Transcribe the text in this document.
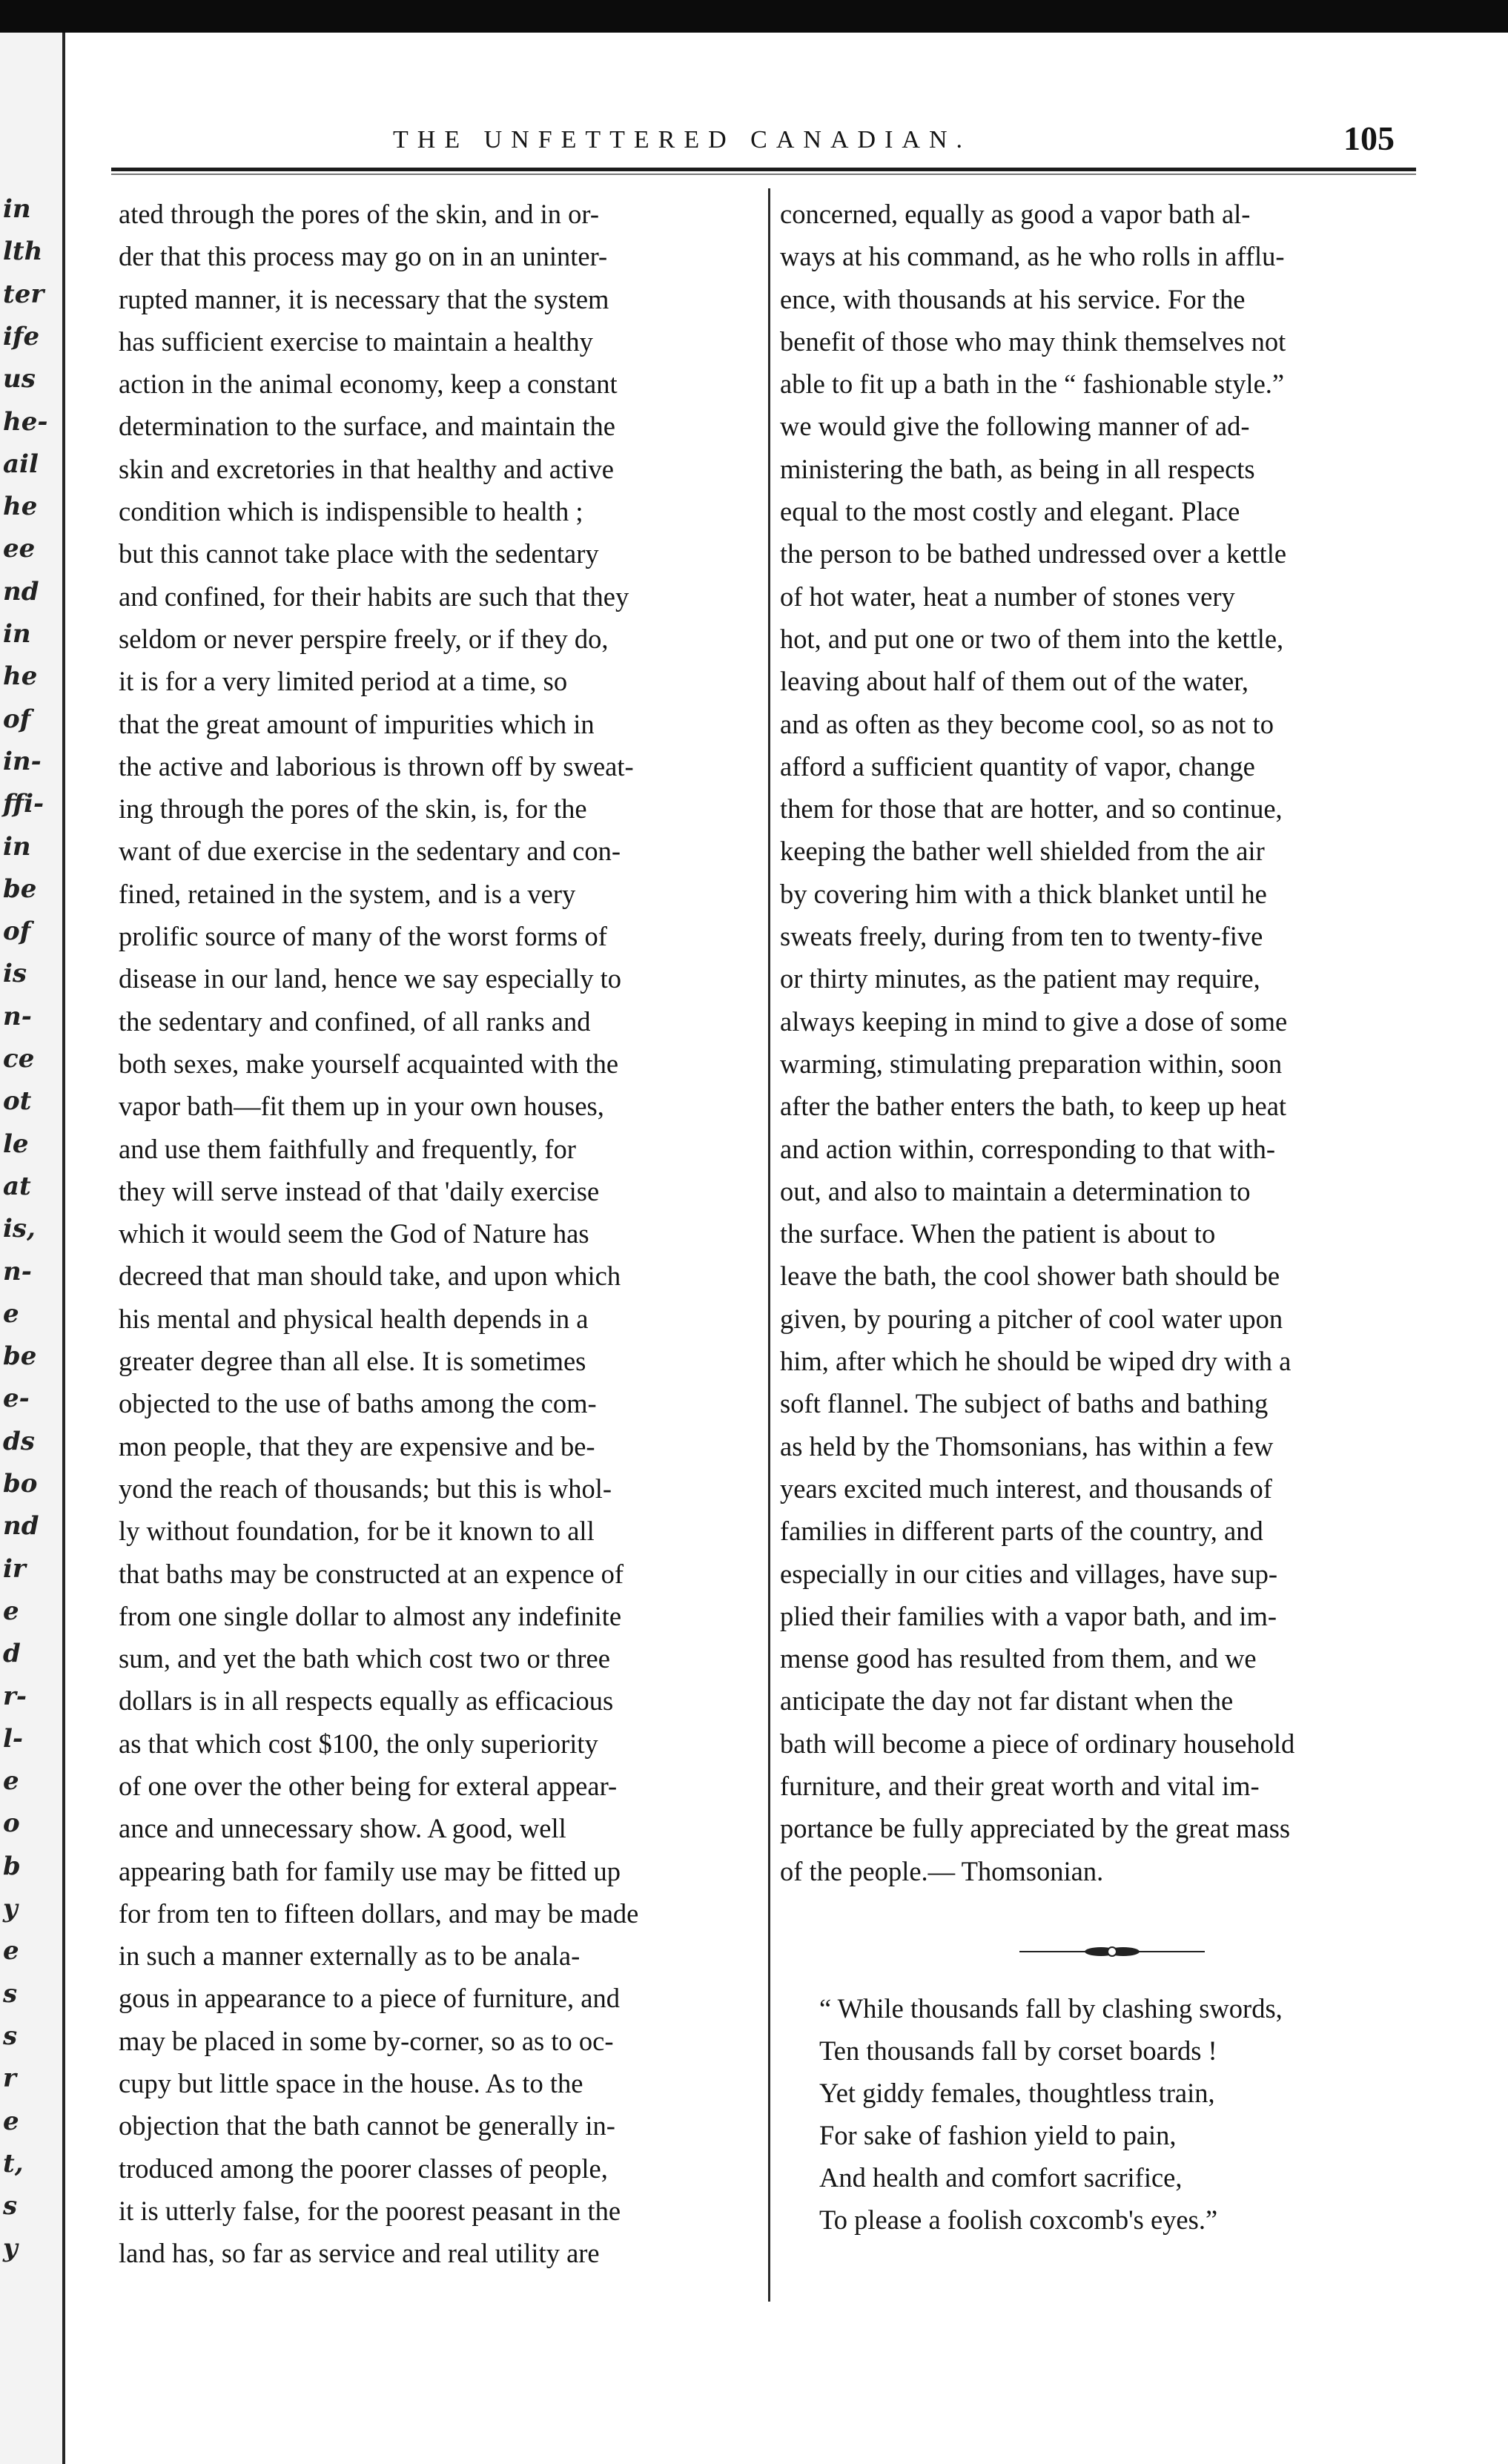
THE UNFETTERED CANADIAN.	105
ated through the pores of the skin, and in or-
der that this process may go on in an uninter-
rupted manner, it is necessary that the system
has sufficient exercise to maintain a healthy
action in the animal economy, keep a constant
determination to the surface, and maintain the
skin and excretories in that healthy and active
condition which is indispensible to health ;
but this cannot take place with the sedentary
and confined, for their habits are such that they
seldom or never perspire freely, or if they do,
it is for a very limited period at a time, so
that the great amount of impurities which in
the active and laborious is thrown off by sweat-
ing through the pores of the skin, is, for the
want of due exercise in the sedentary and con-
fined, retained in the system, and is a very
prolific source of many of the worst forms of
disease in our land, hence we say especially to
the sedentary and confined, of all ranks and
both sexes, make yourself acquainted with the
vapor bath—fit them up in your own houses,
and use them faithfully and frequently, for
they will serve instead of that 'daily exercise
which it would seem the God of Nature has
decreed that man should take, and upon which
his mental and physical health depends in a
greater degree than all else. It is sometimes
objected to the use of baths among the com-
mon people, that they are expensive and be-
yond the reach of thousands; but this is whol-
ly without foundation, for be it known to all
that baths may be constructed at an expence of
from one single dollar to almost any indefinite
sum, and yet the bath which cost two or three
dollars is in all respects equally as efficacious
as that which cost $100, the only superiority
of one over the other being for exteral appear-
ance and unnecessary show. A good, well
appearing bath for family use may be fitted up
for from ten to fifteen dollars, and may be made
in such a manner externally as to be anala-
gous in appearance to a piece of furniture, and
may be placed in some by-corner, so as to oc-
cupy but little space in the house. As to the
objection that the bath cannot be generally in-
troduced among the poorer classes of people,
it is utterly false, for the poorest peasant in the
land has, so far as service and real utility are
concerned, equally as good a vapor bath al-
ways at his command, as he who rolls in afflu-
ence, with thousands at his service. For the
benefit of those who may think themselves not
able to fit up a bath in the “ fashionable style.”
we would give the following manner of ad-
ministering the bath, as being in all respects
equal to the most costly and elegant. Place
the person to be bathed undressed over a kettle
of hot water, heat a number of stones very
hot, and put one or two of them into the kettle,
leaving about half of them out of the water,
and as often as they become cool, so as not to
afford a sufficient quantity of vapor, change
them for those that are hotter, and so continue,
keeping the bather well shielded from the air
by covering him with a thick blanket until he
sweats freely, during from ten to twenty-five
or thirty minutes, as the patient may require,
always keeping in mind to give a dose of some
warming, stimulating preparation within, soon
after the bather enters the bath, to keep up heat
and action within, corresponding to that with-
out, and also to maintain a determination to
the surface. When the patient is about to
leave the bath, the cool shower bath should be
given, by pouring a pitcher of cool water upon
him, after which he should be wiped dry with a
soft flannel. The subject of baths and bathing
as held by the Thomsonians, has within a few
years excited much interest, and thousands of
families in different parts of the country, and
especially in our cities and villages, have sup-
plied their families with a vapor bath, and im-
mense good has resulted from them, and we
anticipate the day not far distant when the
bath will become a piece of ordinary household
furniture, and their great worth and vital im-
portance be fully appreciated by the great mass
of the people.— Thomsonian.
“ While thousands fall by clashing swords,
Ten thousands fall by corset boards !
Yet giddy females, thoughtless train,
For sake of fashion yield to pain,
And health and comfort sacrifice,
To please a foolish coxcomb's eyes.”
in
lth
ter
ife
us
he-
ail
he
ee
nd
in
he
of
in-
ffi-
in
be
of
is
n-
ce
ot
le
at
is,
n-
e
be
e-
ds
bo
nd
ir
e
d
r-
l-
e
o
b
y
e
s
s
r
e
t,
s
y
